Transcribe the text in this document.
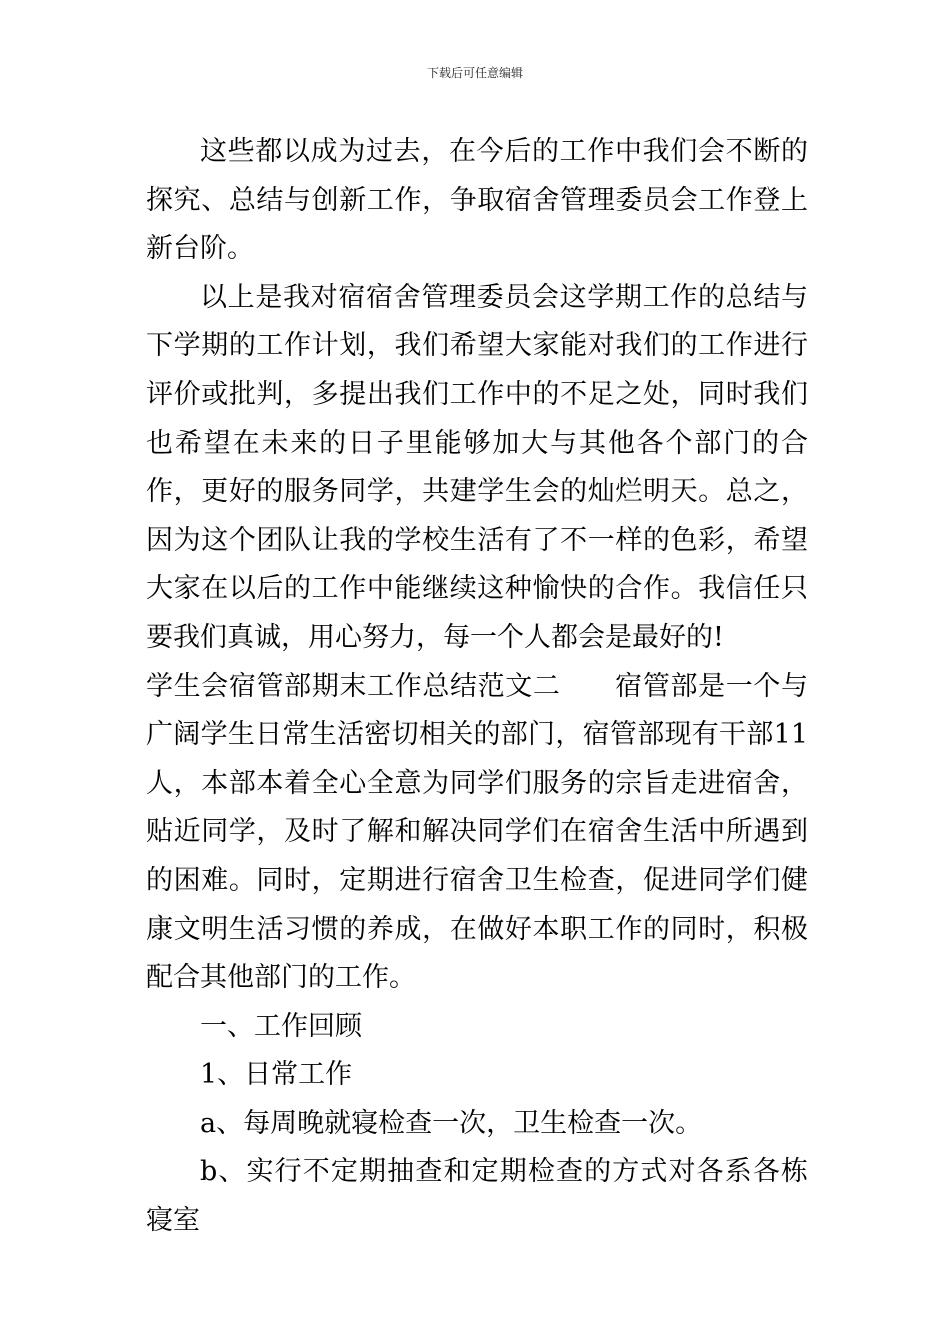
下载后可任意编辑

这些都以成为过去，在今后的工作中我们会不断的探究、总结与创新工作，争取宿舍管理委员会工作登上新台阶。

以上是我对宿宿舍管理委员会这学期工作的总结与下学期的工作计划，我们希望大家能对我们的工作进行评价或批判，多提出我们工作中的不足之处，同时我们也希望在未来的日子里能够加大与其他各个部门的合作，更好的服务同学，共建学生会的灿烂明天。总之，因为这个团队让我的学校生活有了不一样的色彩，希望大家在以后的工作中能继续这种愉快的合作。我信任只要我们真诚，用心努力，每一个人都会是最好的!

学生会宿管部期末工作总结范文二 宿管部是一个与广阔学生日常生活密切相关的部门，宿管部现有干部11人，本部本着全心全意为同学们服务的宗旨走进宿舍，贴近同学，及时了解和解决同学们在宿舍生活中所遇到的困难。同时，定期进行宿舍卫生检查，促进同学们健康文明生活习惯的养成，在做好本职工作的同时，积极配合其他部门的工作。

一、工作回顾

1、日常工作

a、每周晚就寝检查一次，卫生检查一次。

b、实行不定期抽查和定期检查的方式对各系各栋寝室
